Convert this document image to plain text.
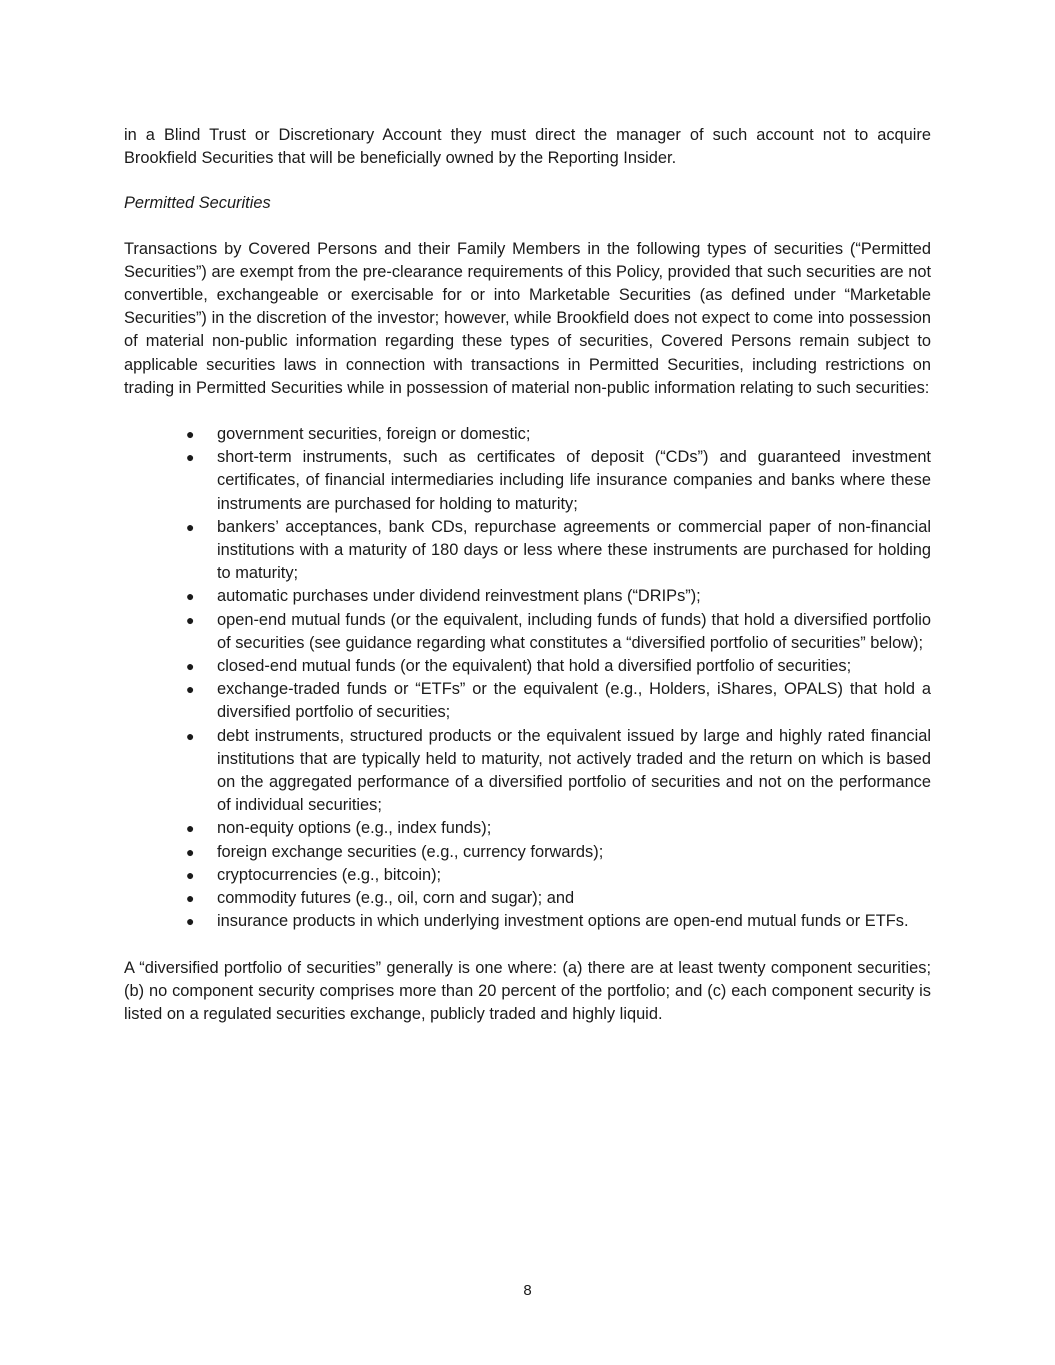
in a Blind Trust or Discretionary Account they must direct the manager of such account not to acquire Brookfield Securities that will be beneficially owned by the Reporting Insider.

Permitted Securities

Transactions by Covered Persons and their Family Members in the following types of securities (“Permitted Securities”) are exempt from the pre-clearance requirements of this Policy, provided that such securities are not convertible, exchangeable or exercisable for or into Marketable Securities (as defined under “Marketable Securities”) in the discretion of the investor; however, while Brookfield does not expect to come into possession of material non-public information regarding these types of securities, Covered Persons remain subject to applicable securities laws in connection with transactions in Permitted Securities, including restrictions on trading in Permitted Securities while in possession of material non-public information relating to such securities:

● government securities, foreign or domestic;
● short-term instruments, such as certificates of deposit (“CDs”) and guaranteed investment certificates, of financial intermediaries including life insurance companies and banks where these instruments are purchased for holding to maturity;
● bankers’ acceptances, bank CDs, repurchase agreements or commercial paper of non-financial institutions with a maturity of 180 days or less where these instruments are purchased for holding to maturity;
● automatic purchases under dividend reinvestment plans (“DRIPs”);
● open-end mutual funds (or the equivalent, including funds of funds) that hold a diversified portfolio of securities (see guidance regarding what constitutes a “diversified portfolio of securities” below);
● closed-end mutual funds (or the equivalent) that hold a diversified portfolio of securities;
● exchange-traded funds or “ETFs” or the equivalent (e.g., Holders, iShares, OPALS) that hold a diversified portfolio of securities;
● debt instruments, structured products or the equivalent issued by large and highly rated financial institutions that are typically held to maturity, not actively traded and the return on which is based on the aggregated performance of a diversified portfolio of securities and not on the performance of individual securities;
● non-equity options (e.g., index funds);
● foreign exchange securities (e.g., currency forwards);
● cryptocurrencies (e.g., bitcoin);
● commodity futures (e.g., oil, corn and sugar); and
● insurance products in which underlying investment options are open-end mutual funds or ETFs.

A “diversified portfolio of securities” generally is one where: (a) there are at least twenty component securities; (b) no component security comprises more than 20 percent of the portfolio; and (c) each component security is listed on a regulated securities exchange, publicly traded and highly liquid.

8
